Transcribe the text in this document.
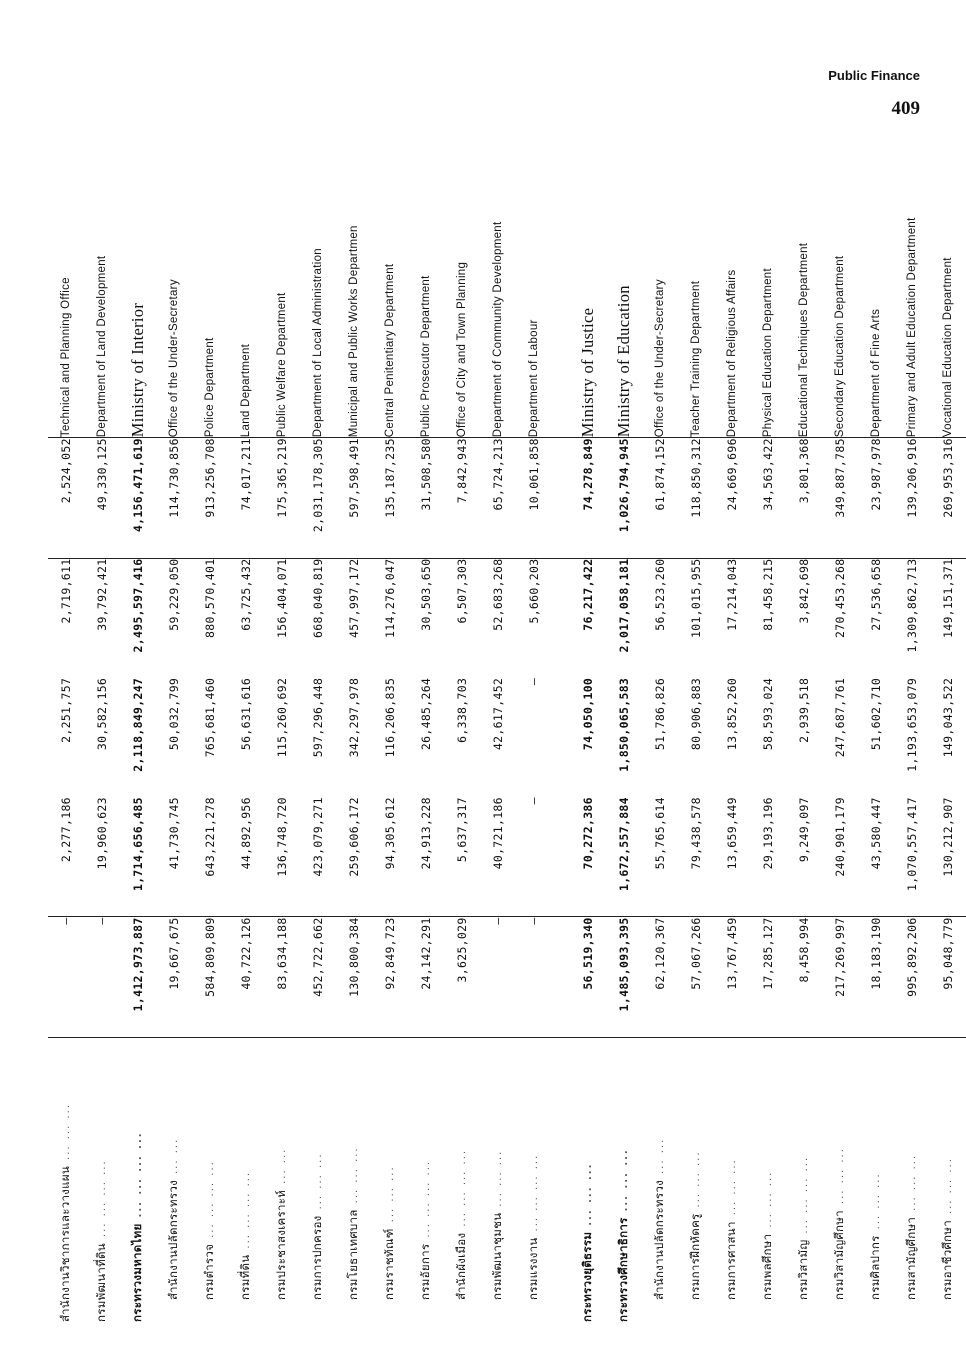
Public Finance
409
สำนักงานวิชาการและวางแผน... ... ...	—	2,277,186	2,251,757	2,719,611	2,524,052	Technical and Planning Office
กรมพัฒนาที่ดิน... ... ... ...	—	19,960,623	30,582,156	39,792,421	49,330,125	Department of Land Development
กระทรวงมหาดไทย... ... ... ...	1,412,973,887	1,714,656,485	2,118,849,247	2,495,597,416	4,156,471,619	Ministry of Interior
สำนักงานปลัดกระทรวง... ...	19,667,675	41,730,745	50,032,799	59,229,050	114,730,856	Office of the Under-Secretary
กรมตำรวจ... ... ... ...	584,809,809	643,221,278	765,681,460	880,570,401	913,256,708	Police Department
กรมที่ดิน... ... ... ...	40,722,126	44,892,956	56,631,616	63,725,432	74,017,211	Land Department
กรมประชาสงเคราะห์... ...	83,634,188	136,748,720	115,260,692	156,404,071	175,365,219	Public Welfare Department
กรมการปกครอง... ... ...	452,722,662	423,079,271	597,296,448	668,040,819	2,031,178,305	Department of Local Administration
กรมโยธาเทศบาล... ... ...	130,800,384	259,606,172	342,297,978	457,997,172	597,598,491	Municipal and Public Works Departmen
กรมราชทัณฑ์... ... ...	92,849,723	94,305,612	116,206,835	114,276,047	135,187,235	Central Penitentiary Department
กรมอัยการ... ... ... ...	24,142,291	24,913,228	26,485,264	30,503,650	31,508,580	Public Prosecutor Department
สำนักผังเมือง... ... ... ...	3,625,029	5,637,317	6,338,703	6,507,303	7,842,943	Office of City and Town Planning
กรมพัฒนาชุมชน... ... ...	—	40,721,186	42,617,452	52,683,268	65,724,213	Department of Community Development
กรมแรงงาน... ... ... ...	—	—	—	5,660,203	10,061,858	Department of Labour

กระทรวงยุติธรรม... ... ...	56,519,340	70,272,386	74,050,100	76,217,422	74,278,849	Ministry of Justice
กระทรวงศึกษาธิการ... ... ...	1,485,093,395	1,672,557,884	1,850,065,583	2,017,058,181	1,026,794,945	Ministry of Education
สำนักงานปลัดกระทรวง... ...	62,120,367	55,765,614	51,786,826	56,523,260	61,874,152	Office of the Under-Secretary
กรมการฝึกหัดครู... ... ...	57,067,266	79,438,578	80,906,883	101,015,955	118,850,312	Teacher Training Department
กรมการศาสนา... ... ...	13,767,459	13,659,449	13,852,260	17,214,043	24,669,696	Department of Religious Affairs
กรมพลศึกษา... ... ...	17,285,127	29,193,196	58,593,024	81,458,215	34,563,422	Physical Education Department
กรมวิสามัญ... ... ... ...	8,458,994	9,249,097	2,939,518	3,842,698	3,801,368	Educational Techniques Department
กรมวิสามัญศึกษา... ... ...	217,269,997	240,901,179	247,687,761	270,453,268	349,887,785	Secondary Education Department
กรมศิลปากร... ... ...	18,183,190	43,580,447	51,602,710	27,536,658	23,987,978	Department of Fine Arts
กรมสามัญศึกษา... ... ...	995,892,206	1,070,557,417	1,193,653,079	1,309,862,713	139,206,916	Primary and Adult Education Department
กรมอาชีวศึกษา... ... ...	95,048,779	130,212,907	149,043,522	149,151,371	269,953,316	Vocational Education Department
